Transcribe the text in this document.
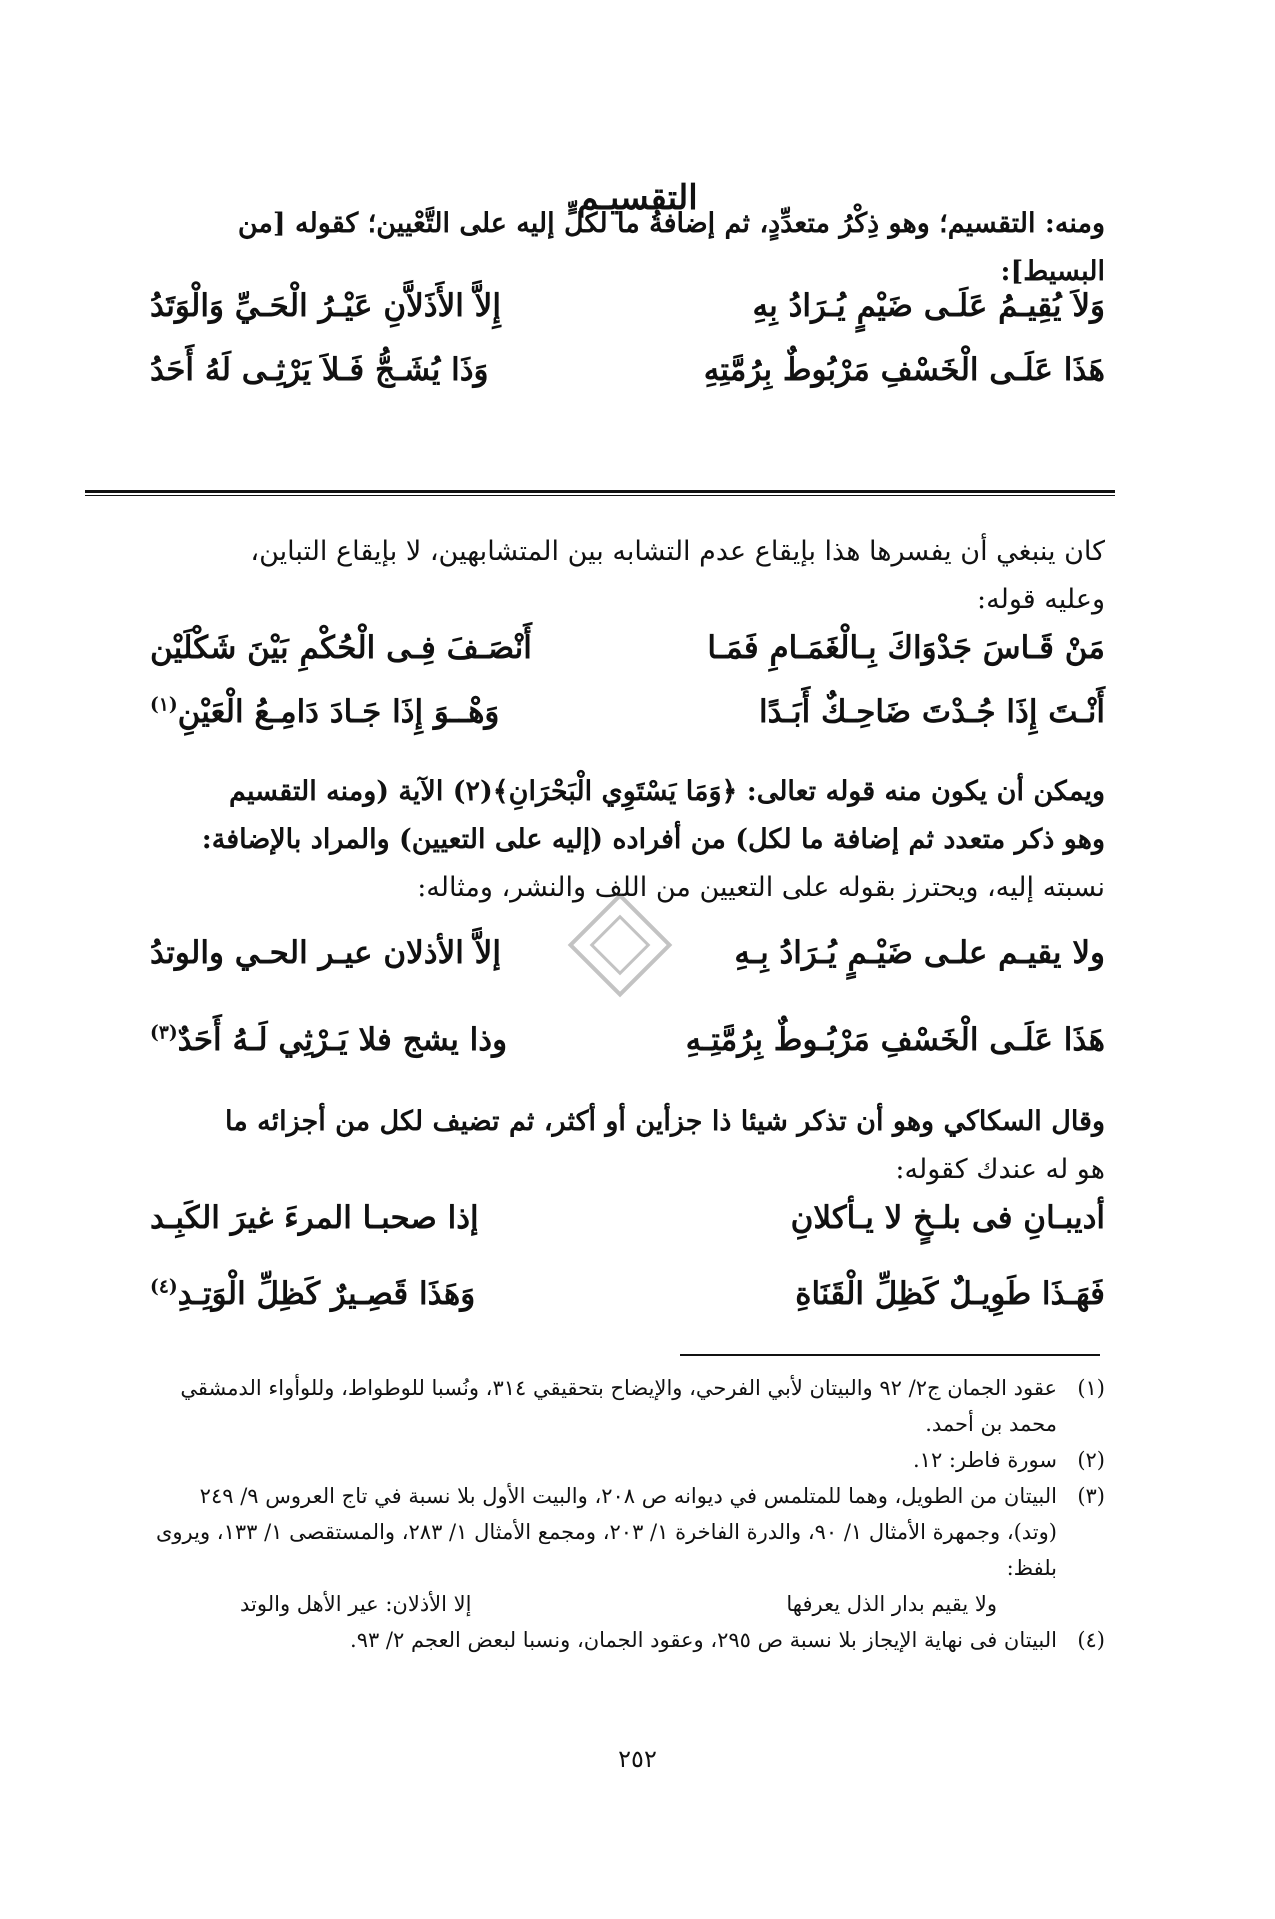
التقسيـم
ومنه: التقسيم؛ وهو ذِكْرُ متعدِّدٍ، ثم إضافةُ ما لكلٍّ إليه على التَّعْيين؛ كقوله [من
البسيط]:
وَلاَ يُقِيـمُ عَلَـى ضَيْمٍ يُـرَادُ بِهِ
إِلاَّ الأَذَلاَّنِ عَيْـرُ الْحَـيِّ وَالْوَتَدُ
هَذَا عَلَـى الْخَسْفِ مَرْبُوطٌ بِرُمَّتِهِ
وَذَا يُشَـجُّ فَـلاَ يَرْثِـى لَهُ أَحَدُ
كان ينبغي أن يفسرها هذا بإيقاع عدم التشابه بين المتشابهين، لا بإيقاع التباين،
وعليه قوله:
مَنْ قَـاسَ جَدْوَاكَ بِـالْغَمَـامِ فَمَـا
أَنْصَـفَ فِـى الْحُكْمِ بَيْنَ شَكْلَيْن
أَنْـتَ إِذَا جُـدْتَ ضَاحِـكٌ أَبَـدًا
وَهْــوَ إِذَا جَـادَ دَامِـعُ الْعَيْنِ$^{(١)}$
ويمكن أن يكون منه قوله تعالى: ﴿وَمَا يَسْتَوِي الْبَحْرَانِ﴾(٢) الآية (ومنه التقسيم
وهو ذكر متعدد ثم إضافة ما لكل) من أفراده (إليه على التعيين) والمراد بالإضافة:
نسبته إليه، ويحترز بقوله على التعيين من اللف والنشر، ومثاله:
ولا يقيـم علـى ضَيْـمٍ يُـرَادُ بِـهِ
إلاَّ الأذلان عيـر الحـي والوتدُ
هَذَا عَلَـى الْخَسْفِ مَرْبُـوطٌ بِرُمَّتِـهِ
وذا يشج فلا يَـرْثِي لَـهُ أَحَدٌ$^{(٣)}$
وقال السكاكي وهو أن تذكر شيئا ذا جزأين أو أكثر، ثم تضيف لكل من أجزائه ما
هو له عندك كقوله:
أديبـانِ فى بلـخٍ لا يـأكلانِ
إذا صحبـا المرءَ غيرَ الكَبِـد
فَهَـذَا طَوِيـلٌ كَظِلِّ الْقَنَاةِ
وَهَذَا قَصِـيرٌ كَظِلِّ الْوَتِـدِ$^{(٤)}$
(١)
عقود الجمان ج٢/ ٩٢ والبيتان لأبي الفرحي، والإيضاح بتحقيقي ٣١٤، ونُسبا للوطواط، وللوأواء الدمشقي محمد بن أحمد.
(٢)
سورة فاطر: ١٢.
(٣)
البيتان من الطويل، وهما للمتلمس في ديوانه ص ٢٠٨، والبيت الأول بلا نسبة في تاج العروس ٩/ ٢٤٩ (وتد)، وجمهرة الأمثال ١/ ٩٠، والدرة الفاخرة ١/ ٢٠٣، ومجمع الأمثال ١/ ٢٨٣، والمستقصى ١/ ١٣٣، ويروى بلفظ:
ولا يقيم بدار الذل يعرفها
إلا الأذلان: عير الأهل والوتد
(٤)
البيتان فى نهاية الإيجاز بلا نسبة ص ٢٩٥، وعقود الجمان، ونسبا لبعض العجم ٢/ ٩٣.
٢٥٢
